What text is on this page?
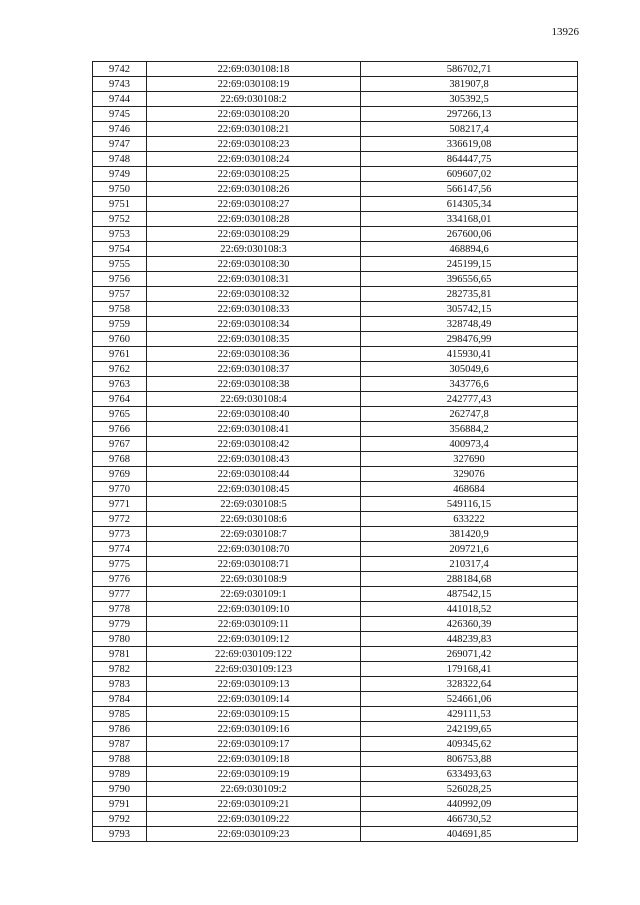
13926
9742	22:69:030108:18	586702,71
9743	22:69:030108:19	381907,8
9744	22:69:030108:2	305392,5
9745	22:69:030108:20	297266,13
9746	22:69:030108:21	508217,4
9747	22:69:030108:23	336619,08
9748	22:69:030108:24	864447,75
9749	22:69:030108:25	609607,02
9750	22:69:030108:26	566147,56
9751	22:69:030108:27	614305,34
9752	22:69:030108:28	334168,01
9753	22:69:030108:29	267600,06
9754	22:69:030108:3	468894,6
9755	22:69:030108:30	245199,15
9756	22:69:030108:31	396556,65
9757	22:69:030108:32	282735,81
9758	22:69:030108:33	305742,15
9759	22:69:030108:34	328748,49
9760	22:69:030108:35	298476,99
9761	22:69:030108:36	415930,41
9762	22:69:030108:37	305049,6
9763	22:69:030108:38	343776,6
9764	22:69:030108:4	242777,43
9765	22:69:030108:40	262747,8
9766	22:69:030108:41	356884,2
9767	22:69:030108:42	400973,4
9768	22:69:030108:43	327690
9769	22:69:030108:44	329076
9770	22:69:030108:45	468684
9771	22:69:030108:5	549116,15
9772	22:69:030108:6	633222
9773	22:69:030108:7	381420,9
9774	22:69:030108:70	209721,6
9775	22:69:030108:71	210317,4
9776	22:69:030108:9	288184,68
9777	22:69:030109:1	487542,15
9778	22:69:030109:10	441018,52
9779	22:69:030109:11	426360,39
9780	22:69:030109:12	448239,83
9781	22:69:030109:122	269071,42
9782	22:69:030109:123	179168,41
9783	22:69:030109:13	328322,64
9784	22:69:030109:14	524661,06
9785	22:69:030109:15	429111,53
9786	22:69:030109:16	242199,65
9787	22:69:030109:17	409345,62
9788	22:69:030109:18	806753,88
9789	22:69:030109:19	633493,63
9790	22:69:030109:2	526028,25
9791	22:69:030109:21	440992,09
9792	22:69:030109:22	466730,52
9793	22:69:030109:23	404691,85
